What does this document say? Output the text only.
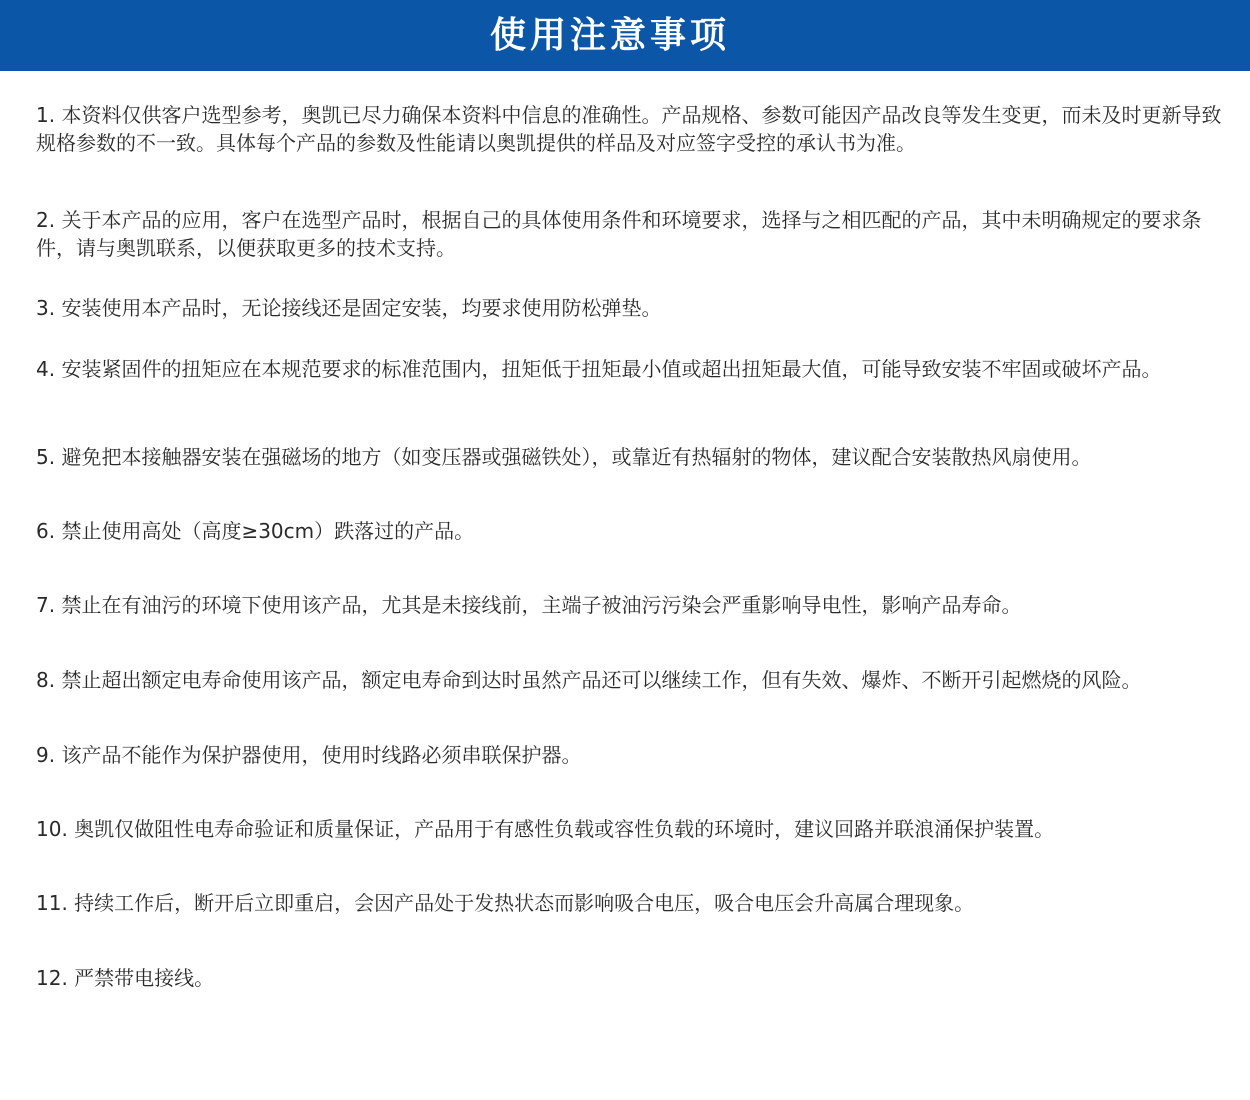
使用注意事项
1. 本资料仅供客户选型参考，奥凯已尽力确保本资料中信息的准确性。产品规格、参数可能因产品改良等发生变更，而未及时更新导致规格参数的不一致。具体每个产品的参数及性能请以奥凯提供的样品及对应签字受控的承认书为准。
2. 关于本产品的应用，客户在选型产品时，根据自己的具体使用条件和环境要求，选择与之相匹配的产品，其中未明确规定的要求条件，请与奥凯联系，以便获取更多的技术支持。
3. 安装使用本产品时，无论接线还是固定安装，均要求使用防松弹垫。
4. 安装紧固件的扭矩应在本规范要求的标准范围内，扭矩低于扭矩最小值或超出扭矩最大值，可能导致安装不牢固或破坏产品。
5. 避免把本接触器安装在强磁场的地方（如变压器或强磁铁处），或靠近有热辐射的物体，建议配合安装散热风扇使用。
6. 禁止使用高处（高度≥30cm）跌落过的产品。
7. 禁止在有油污的环境下使用该产品，尤其是未接线前，主端子被油污污染会严重影响导电性，影响产品寿命。
8. 禁止超出额定电寿命使用该产品，额定电寿命到达时虽然产品还可以继续工作，但有失效、爆炸、不断开引起燃烧的风险。
9. 该产品不能作为保护器使用，使用时线路必须串联保护器。
10. 奥凯仅做阻性电寿命验证和质量保证，产品用于有感性负载或容性负载的环境时，建议回路并联浪涌保护装置。
11. 持续工作后，断开后立即重启，会因产品处于发热状态而影响吸合电压，吸合电压会升高属合理现象。
12. 严禁带电接线。
